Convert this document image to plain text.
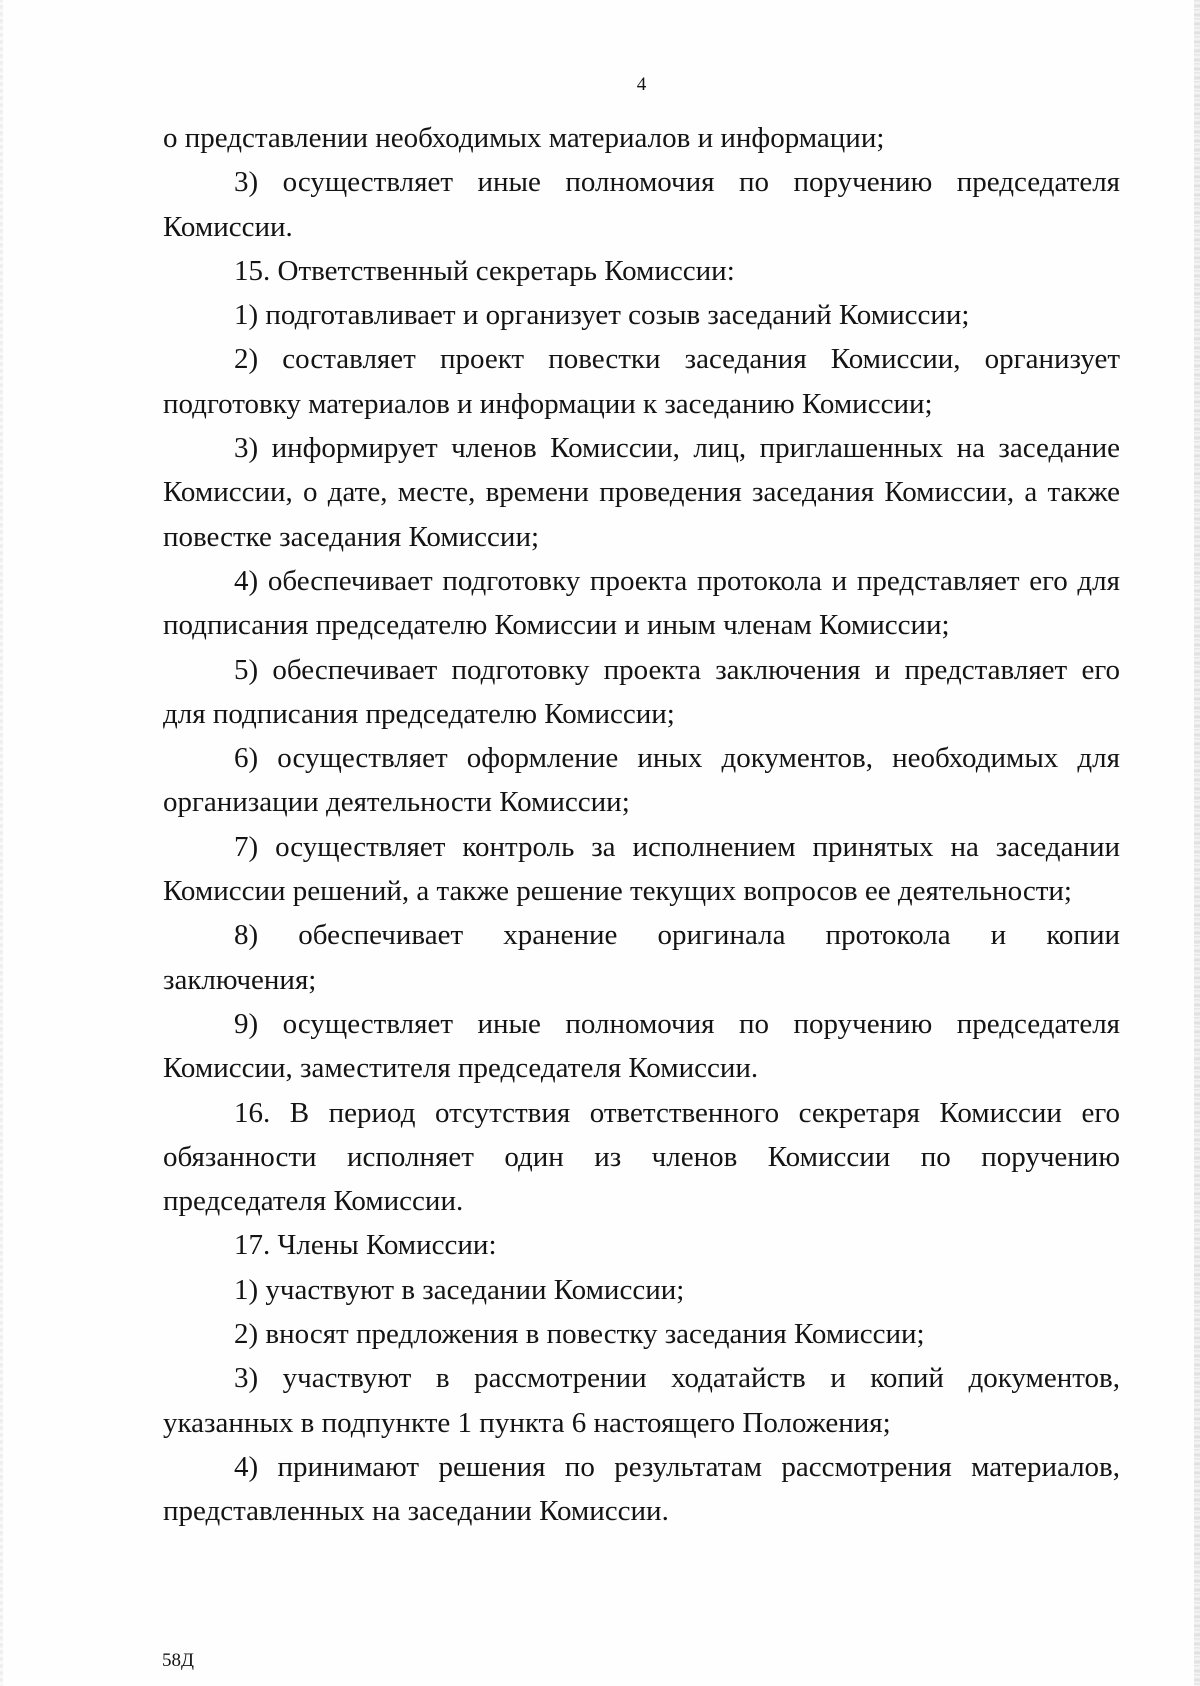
4

о представлении необходимых материалов и информации;

3) осуществляет иные полномочия по поручению председателя Комиссии.

15. Ответственный секретарь Комиссии:

1) подготавливает и организует созыв заседаний Комиссии;

2) составляет проект повестки заседания Комиссии, организует подготовку материалов и информации к заседанию Комиссии;

3) информирует членов Комиссии, лиц, приглашенных на заседание Комиссии, о дате, месте, времени проведения заседания Комиссии, а также повестке заседания Комиссии;

4) обеспечивает подготовку проекта протокола и представляет его для подписания председателю Комиссии и иным членам Комиссии;

5) обеспечивает подготовку проекта заключения и представляет его для подписания председателю Комиссии;

6) осуществляет оформление иных документов, необходимых для организации деятельности Комиссии;

7) осуществляет контроль за исполнением принятых на заседании Комиссии решений, а также решение текущих вопросов ее деятельности;

8) обеспечивает хранение оригинала протокола и копии

заключения;

9) осуществляет иные полномочия по поручению председателя Комиссии, заместителя председателя Комиссии.

16. В период отсутствия ответственного секретаря Комиссии его обязанности исполняет один из членов Комиссии по поручению председателя Комиссии.

17. Члены Комиссии:

1) участвуют в заседании Комиссии;

2) вносят предложения в повестку заседания Комиссии;

3) участвуют в рассмотрении ходатайств и копий документов, указанных в подпункте 1 пункта 6 настоящего Положения;

4) принимают решения по результатам рассмотрения материалов, представленных на заседании Комиссии.

58Д
